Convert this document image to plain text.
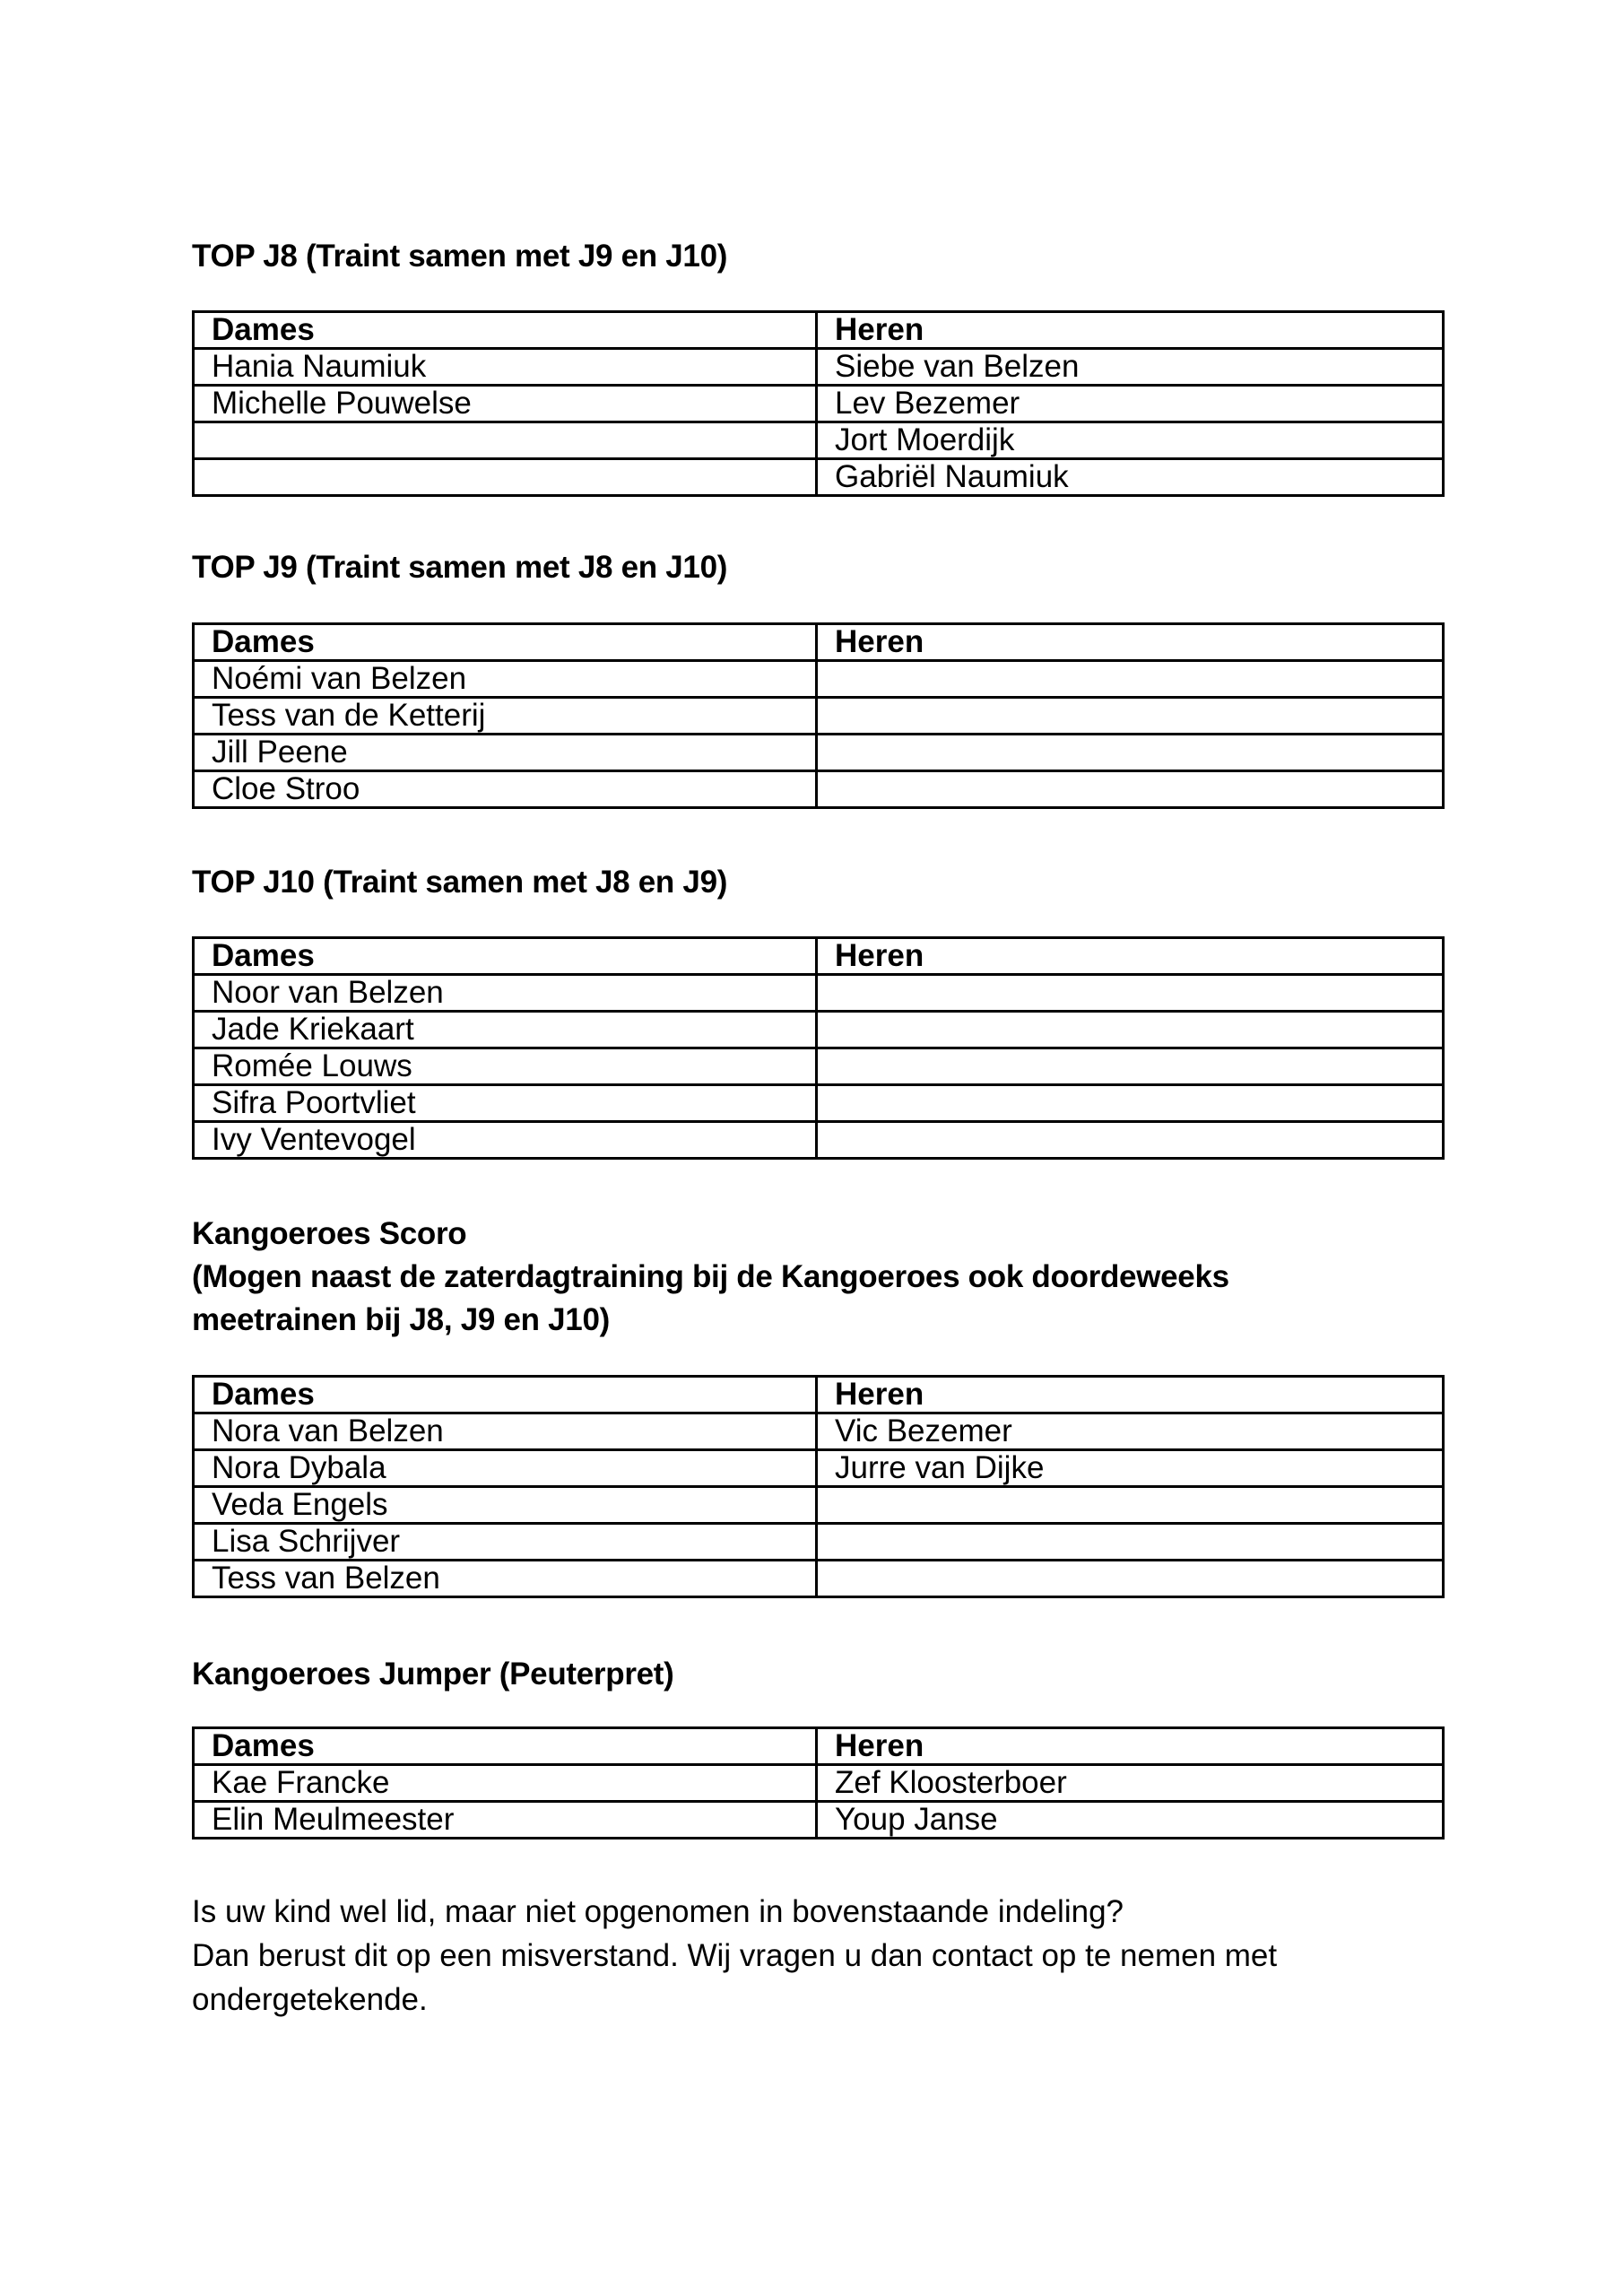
TOP J8 (Traint samen met J9 en J10)
Dames	Heren
Hania Naumiuk	Siebe van Belzen
Michelle Pouwelse	Lev Bezemer
	Jort Moerdijk
	Gabriël Naumiuk
TOP J9 (Traint samen met J8 en J10)
Dames	Heren
Noémi van Belzen	
Tess van de Ketterij	
Jill Peene	
Cloe Stroo	
TOP J10 (Traint samen met J8 en J9)
Dames	Heren
Noor van Belzen	
Jade Kriekaart	
Romée Louws	
Sifra Poortvliet	
Ivy Ventevogel	
Kangoeroes Scoro

(Mogen naast de zaterdagtraining bij de Kangoeroes ook doordeweeks

meetrainen bij J8, J9 en J10)

Dames	Heren
Nora van Belzen	Vic Bezemer
Nora Dybala	Jurre van Dijke
Veda Engels	
Lisa Schrijver	
Tess van Belzen	
Kangoeroes Jumper (Peuterpret)
Dames	Heren
Kae Francke	Zef Kloosterboer
Elin Meulmeester	Youp Janse

Is uw kind wel lid, maar niet opgenomen in bovenstaande indeling?

Dan berust dit op een misverstand. Wij vragen u dan contact op te nemen met

ondergetekende.
